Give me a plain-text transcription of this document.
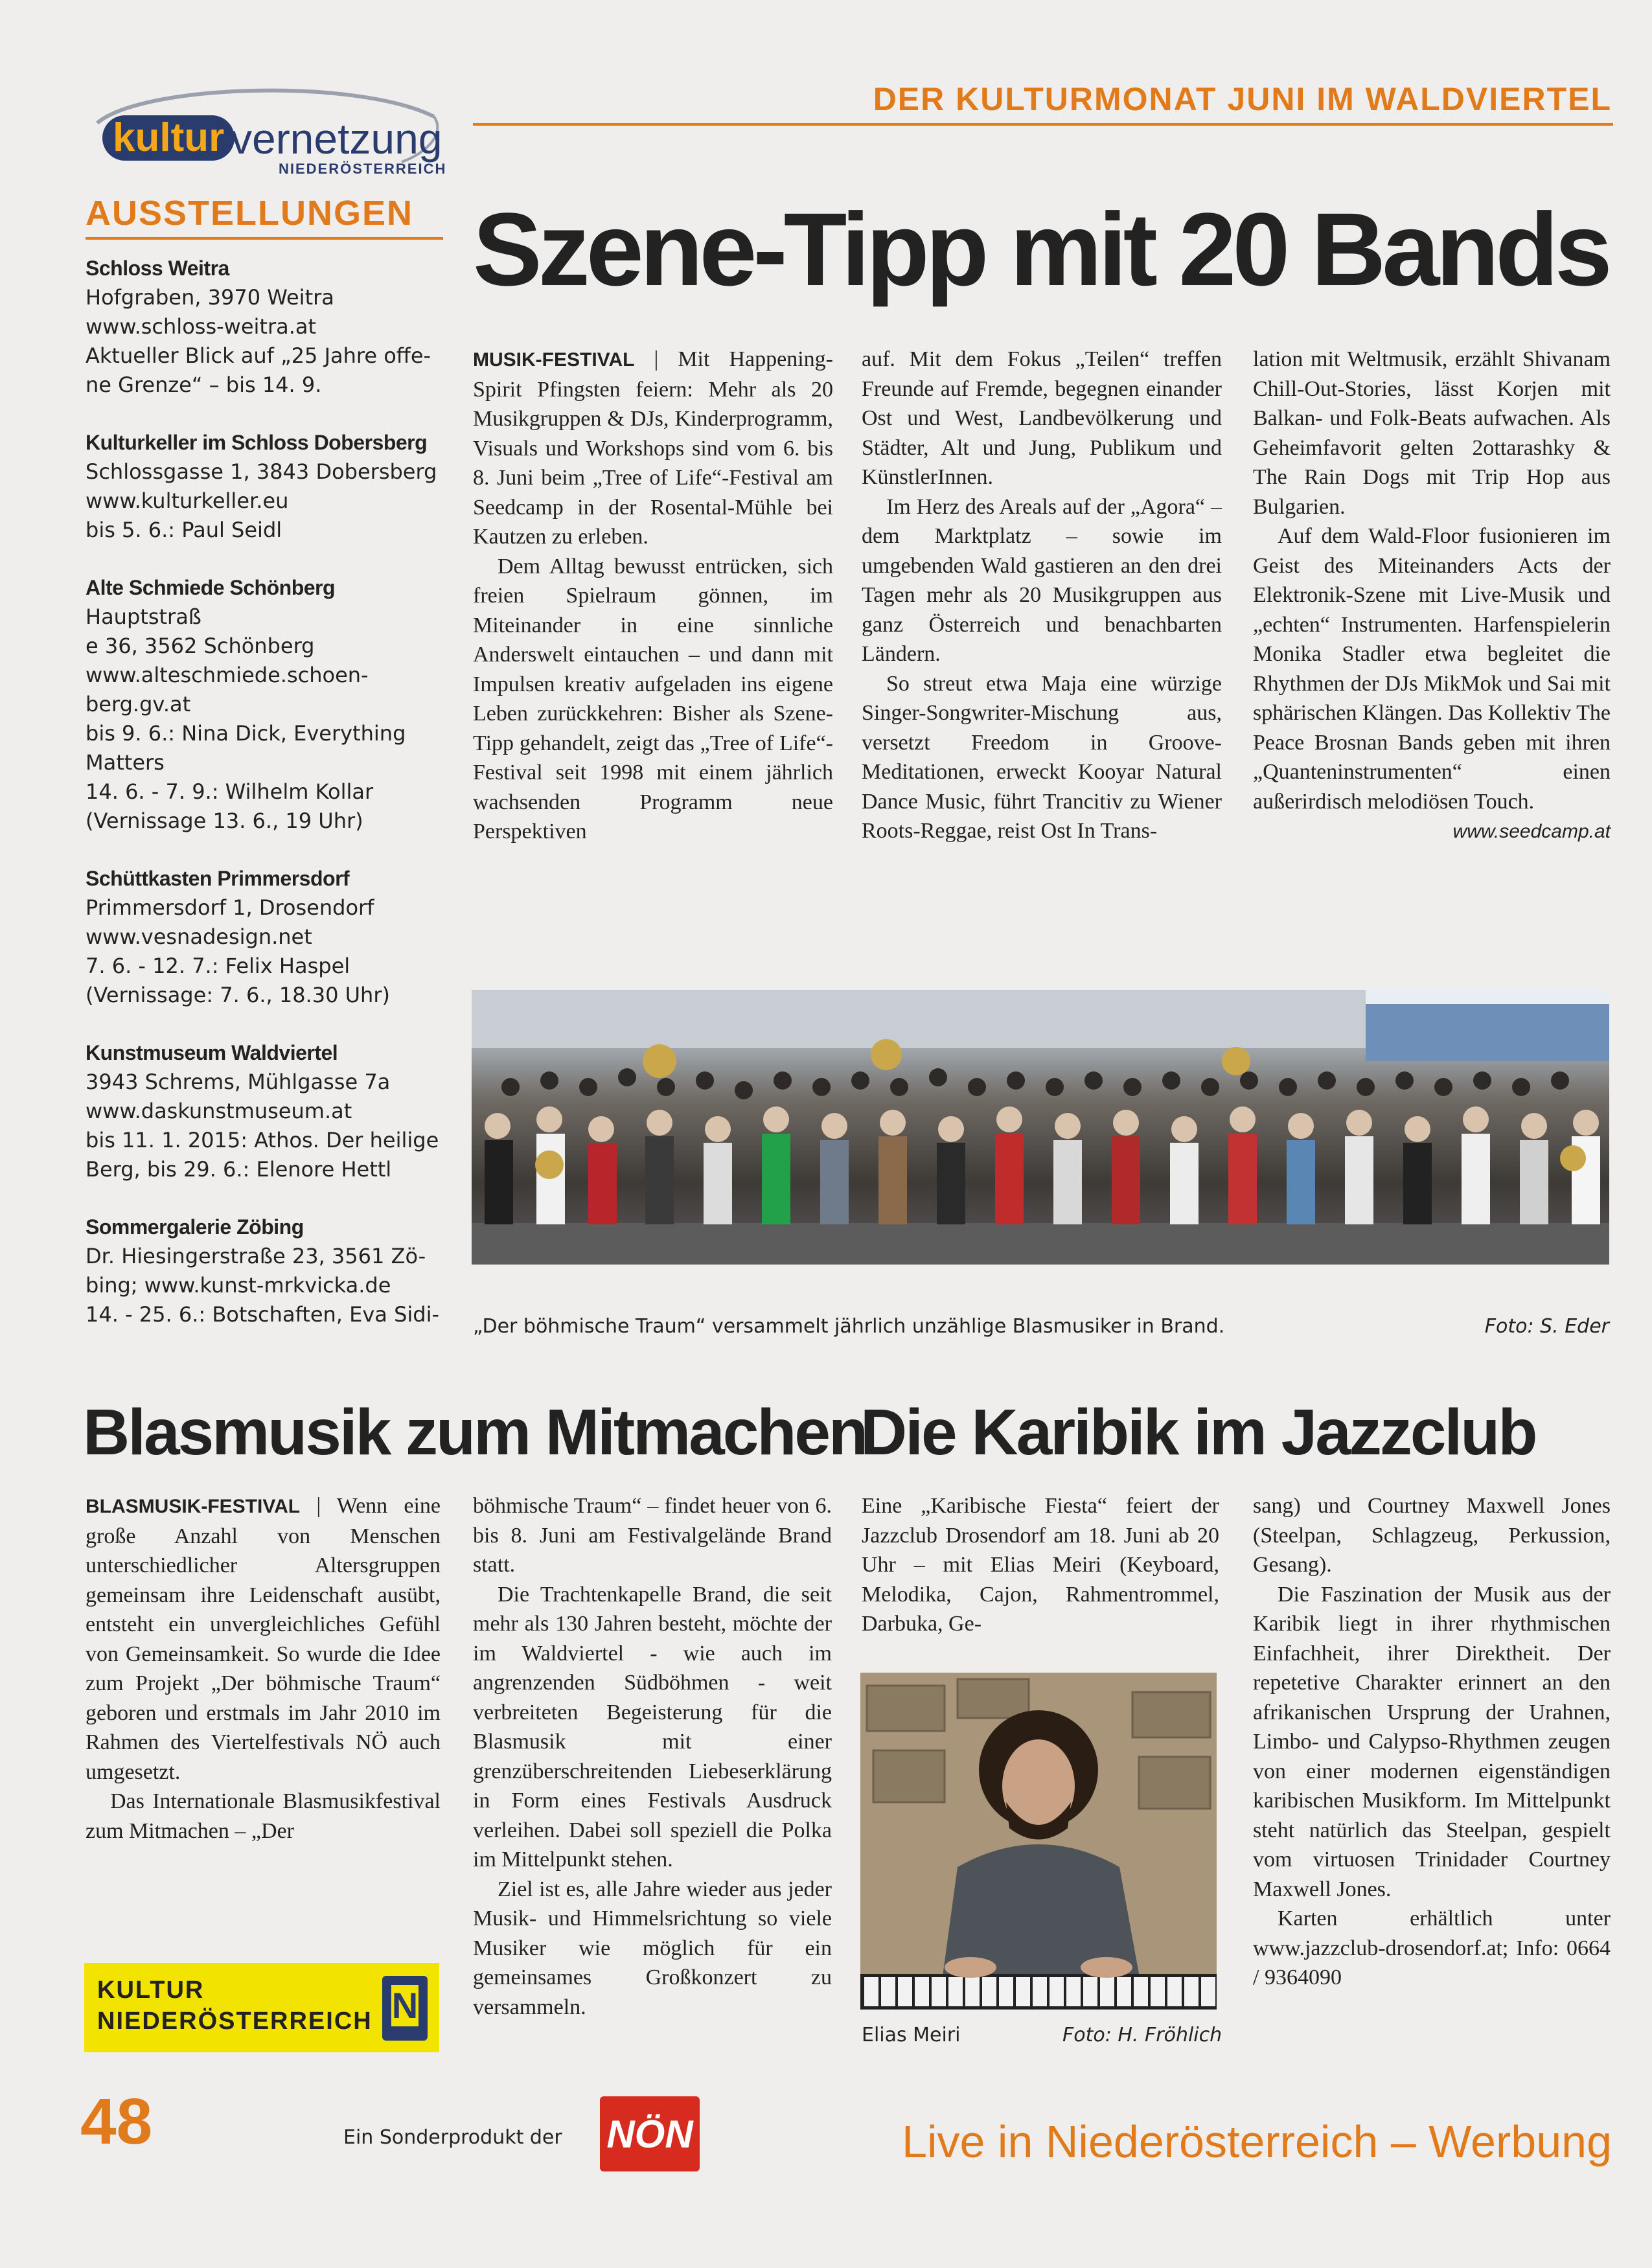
kultur vernetzung
NIEDERÖSTERREICH
DER KULTURMONAT JUNI IM WALDVIERTEL
AUSSTELLUNGEN
Schloss Weitra
Hofgraben, 3970 Weitra
www.schloss-weitra.at
Aktueller Blick auf „25 Jahre offe-
ne Grenze“ – bis 14. 9.
Kulturkeller im Schloss Dobersberg
Schlossgasse 1, 3843 Dobersberg
www.kulturkeller.eu
bis 5. 6.: Paul Seidl
Alte Schmiede Schönberg
Hauptstraß
e 36, 3562 Schönberg
www.alteschmiede.schoen-
berg.gv.at
bis 9. 6.: Nina Dick, Everything
Matters
14. 6. - 7. 9.: Wilhelm Kollar
(Vernissage 13. 6., 19 Uhr)
Schüttkasten Primmersdorf
Primmersdorf 1, Drosendorf
www.vesnadesign.net
7. 6. - 12. 7.: Felix Haspel
(Vernissage: 7. 6., 18.30 Uhr)
Kunstmuseum Waldviertel
3943 Schrems, Mühlgasse 7a
www.daskunstmuseum.at
bis 11. 1. 2015: Athos. Der heilige
Berg, bis 29. 6.: Elenore Hettl
Sommergalerie Zöbing
Dr. Hiesingerstraße 23, 3561 Zö-
bing; www.kunst-mrkvicka.de
14. - 25. 6.: Botschaften, Eva Sidi-
Szene-Tipp mit 20 Bands

MUSIK-FESTIVAL | Mit Happening-Spirit Pfingsten feiern: Mehr als 20 Musikgruppen & DJs, Kinderprogramm, Visuals und Workshops sind vom 6. bis 8. Juni beim „Tree of Life“-Festival am Seedcamp in der Rosental-Mühle bei Kautzen zu erleben.

Dem Alltag bewusst entrücken, sich freien Spielraum gönnen, im Miteinander in eine sinnliche Anderswelt eintauchen – und dann mit Impulsen kreativ aufgeladen ins eigene Leben zurückkehren: Bisher als Szene-Tipp gehandelt, zeigt das „Tree of Life“-Festival seit 1998 mit einem jährlich wachsenden Programm neue Perspektiven

auf. Mit dem Fokus „Teilen“ treffen Freunde auf Fremde, begegnen einander Ost und West, Landbevölkerung und Städter, Alt und Jung, Publikum und KünstlerInnen.

Im Herz des Areals auf der „Agora“ – dem Marktplatz – sowie im umgebenden Wald gastieren an den drei Tagen mehr als 20 Musikgruppen aus ganz Österreich und benachbarten Ländern.

So streut etwa Maja eine würzige Singer-Songwriter-Mischung aus, versetzt Freedom in Groove-Meditationen, erweckt Kooyar Natural Dance Music, führt Trancitiv zu Wiener Roots-Reggae, reist Ost In Trans-

lation mit Weltmusik, erzählt Shivanam Chill-Out-Stories, lässt Korjen mit Balkan- und Folk-Beats aufwachen. Als Geheimfavorit gelten 2ottarashky & The Rain Dogs mit Trip Hop aus Bulgarien.

Auf dem Wald-Floor fusionieren im Geist des Miteinanders Acts der Elektronik-Szene mit Live-Musik und „echten“ Instrumenten. Harfenspielerin Monika Stadler etwa begleitet die Rhythmen der DJs MikMok und Sai mit sphärischen Klängen. Das Kollektiv The Peace Brosnan Bands geben mit ihren „Quanteninstrumenten“ einen außerirdisch melodiösen Touch.

www.seedcamp.at

„Der böhmische Traum“ versammelt jährlich unzählige Blasmusiker in Brand.	Foto: S. Eder
Blasmusik zum Mitmachen

BLASMUSIK-FESTIVAL | Wenn eine große Anzahl von Menschen unterschiedlicher Altersgruppen gemeinsam ihre Leidenschaft ausübt, entsteht ein unvergleichliches Gefühl von Gemeinsamkeit. So wurde die Idee zum Projekt „Der böhmische Traum“ geboren und erstmals im Jahr 2010 im Rahmen des Viertelfestivals NÖ auch umgesetzt.

Das Internationale Blasmusikfestival zum Mitmachen – „Der

böhmische Traum“ – findet heuer von 6. bis 8. Juni am Festivalgelände Brand statt.

Die Trachtenkapelle Brand, die seit mehr als 130 Jahren besteht, möchte der im Waldviertel - wie auch im angrenzenden Südböhmen - weit verbreiteten Begeisterung für die Blasmusik mit einer grenzüberschreitenden Liebeserklärung in Form eines Festivals Ausdruck verleihen. Dabei soll speziell die Polka im Mittelpunkt stehen.

Ziel ist es, alle Jahre wieder aus jeder Musik- und Himmelsrichtung so viele Musiker wie möglich für ein gemeinsames Großkonzert zu versammeln.

Die Karibik im Jazzclub

Eine „Karibische Fiesta“ feiert der Jazzclub Drosendorf am 18. Juni ab 20 Uhr – mit Elias Meiri (Keyboard, Melodika, Cajon, Rahmentrommel, Darbuka, Ge-

Elias Meiri	Foto: H. Fröhlich

sang) und Courtney Maxwell Jones (Steelpan, Schlagzeug, Perkussion, Gesang).

Die Faszination der Musik aus der Karibik liegt in ihrer rhythmischen Einfachheit, ihrer Direktheit. Der repetetive Charakter erinnert an den afrikanischen Ursprung der Urahnen, Limbo- und Calypso-Rhythmen zeugen von einer modernen eigenständigen karibischen Musikform. Im Mittelpunkt steht natürlich das Steelpan, gespielt vom virtuosen Trinidader Courtney Maxwell Jones.

Karten erhältlich unter www.jazzclub-drosendorf.at; Info: 0664 / 9364090

KULTUR
NIEDERÖSTERREICH N
48	Ein Sonderprodukt der NÖN	Live in Niederösterreich – Werbung
